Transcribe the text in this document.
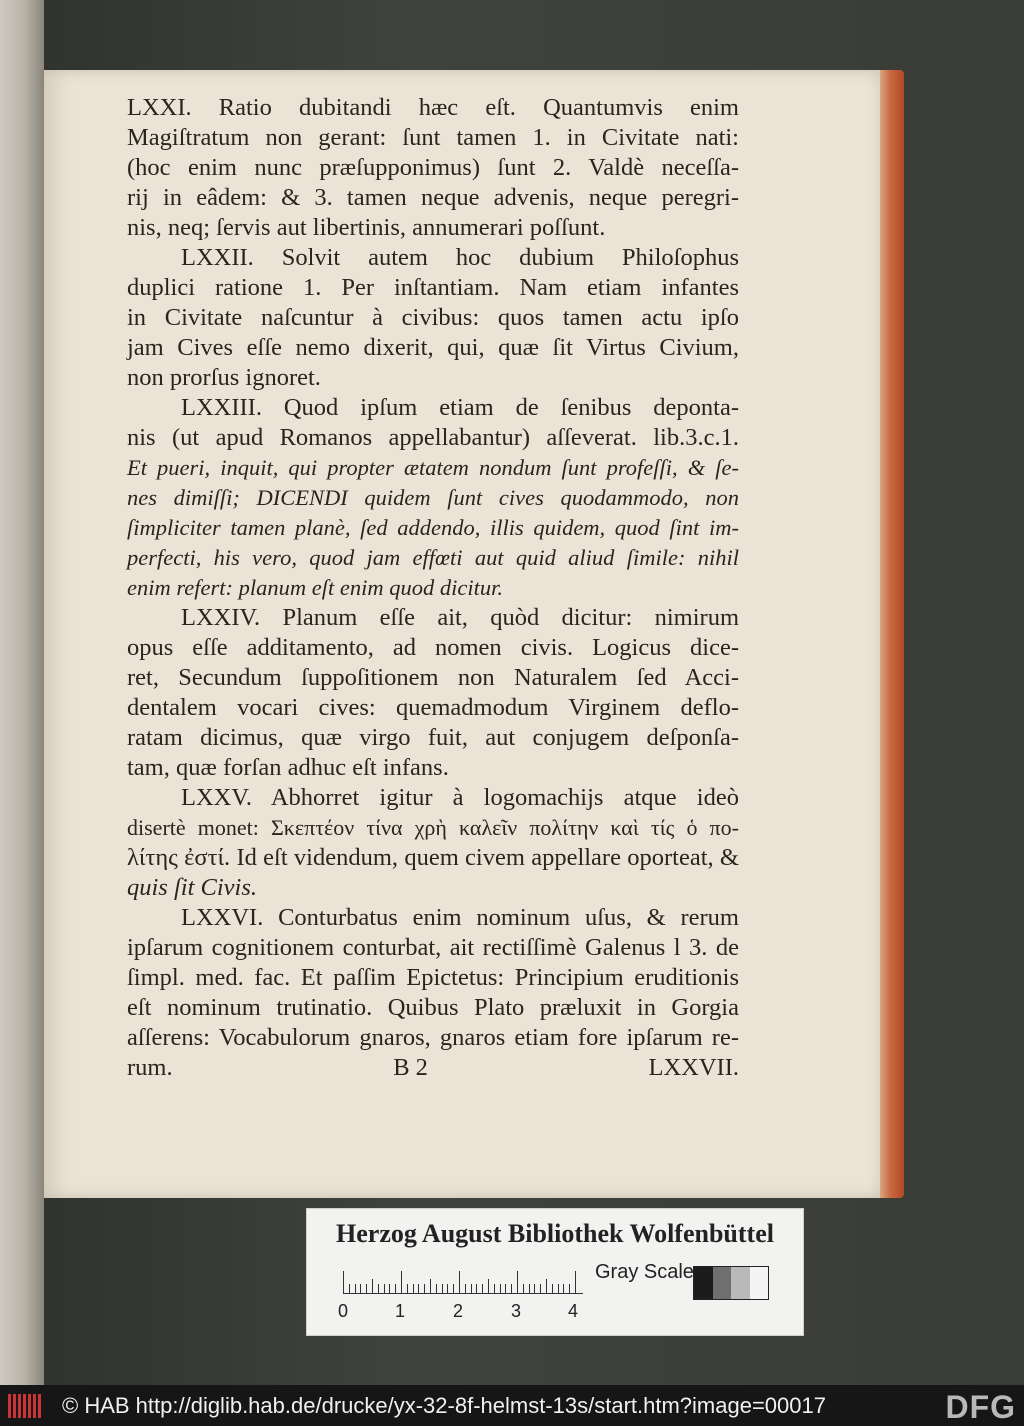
LXXI. Ratio dubitandi hæc eſt. Quantumvis enim
Magiſtratum non gerant: ſunt tamen 1. in Civitate nati:
(hoc enim nunc præſupponimus) ſunt 2. Valdè neceſſa-
rij in eâdem: & 3. tamen neque advenis, neque peregri-
nis, neq; ſervis aut libertinis, annumerari poſſunt.
LXXII. Solvit autem hoc dubium Philoſophus
duplici ratione 1. Per inſtantiam. Nam etiam infantes
in Civitate naſcuntur à civibus: quos tamen actu ipſo
jam Cives eſſe nemo dixerit, qui, quæ ſit Virtus Civium,
non prorſus ignoret.
LXXIII. Quod ipſum etiam de ſenibus deponta-
nis (ut apud Romanos appellabantur) aſſeverat. lib.3.c.1.
Et pueri, inquit, qui propter ætatem nondum ſunt profeſſi, & ſe-
nes dimiſſi; DICENDI quidem ſunt cives quodammodo, non
ſimpliciter tamen planè, ſed addendo, illis quidem, quod ſint im-
perfecti, his vero, quod jam effœti aut quid aliud ſimile: nihil
enim refert: planum eſt enim quod dicitur.
LXXIV. Planum eſſe ait, quòd dicitur: nimirum
opus eſſe additamento, ad nomen civis. Logicus dice-
ret, Secundum ſuppoſitionem non Naturalem ſed Acci-
dentalem vocari cives: quemadmodum Virginem deflo-
ratam dicimus, quæ virgo fuit, aut conjugem deſponſa-
tam, quæ forſan adhuc eſt infans.
LXXV. Abhorret igitur à logomachijs atque ideò
disertè monet: Σκεπτέον τίνα χρὴ καλεῖν πολίτην καὶ τίς ὁ πο-
λίτης ἐστί. Id eſt videndum, quem civem appellare oporteat, &
quis ſit Civis.
LXXVI. Conturbatus enim nominum uſus, & rerum
ipſarum cognitionem conturbat, ait rectiſſimè Galenus l 3. de
ſimpl. med. fac. Et paſſim Epictetus: Principium eruditionis
eſt nominum trutinatio. Quibus Plato præluxit in Gorgia
aſſerens: Vocabulorum gnaros, gnaros etiam fore ipſarum re-
rum.	B 2	LXXVII.
Herzog August Bibliothek Wolfenbüttel
0	1	2	3	4
Gray Scale
© HAB http://diglib.hab.de/drucke/yx-32-8f-helmst-13s/start.htm?image=00017	DFG
